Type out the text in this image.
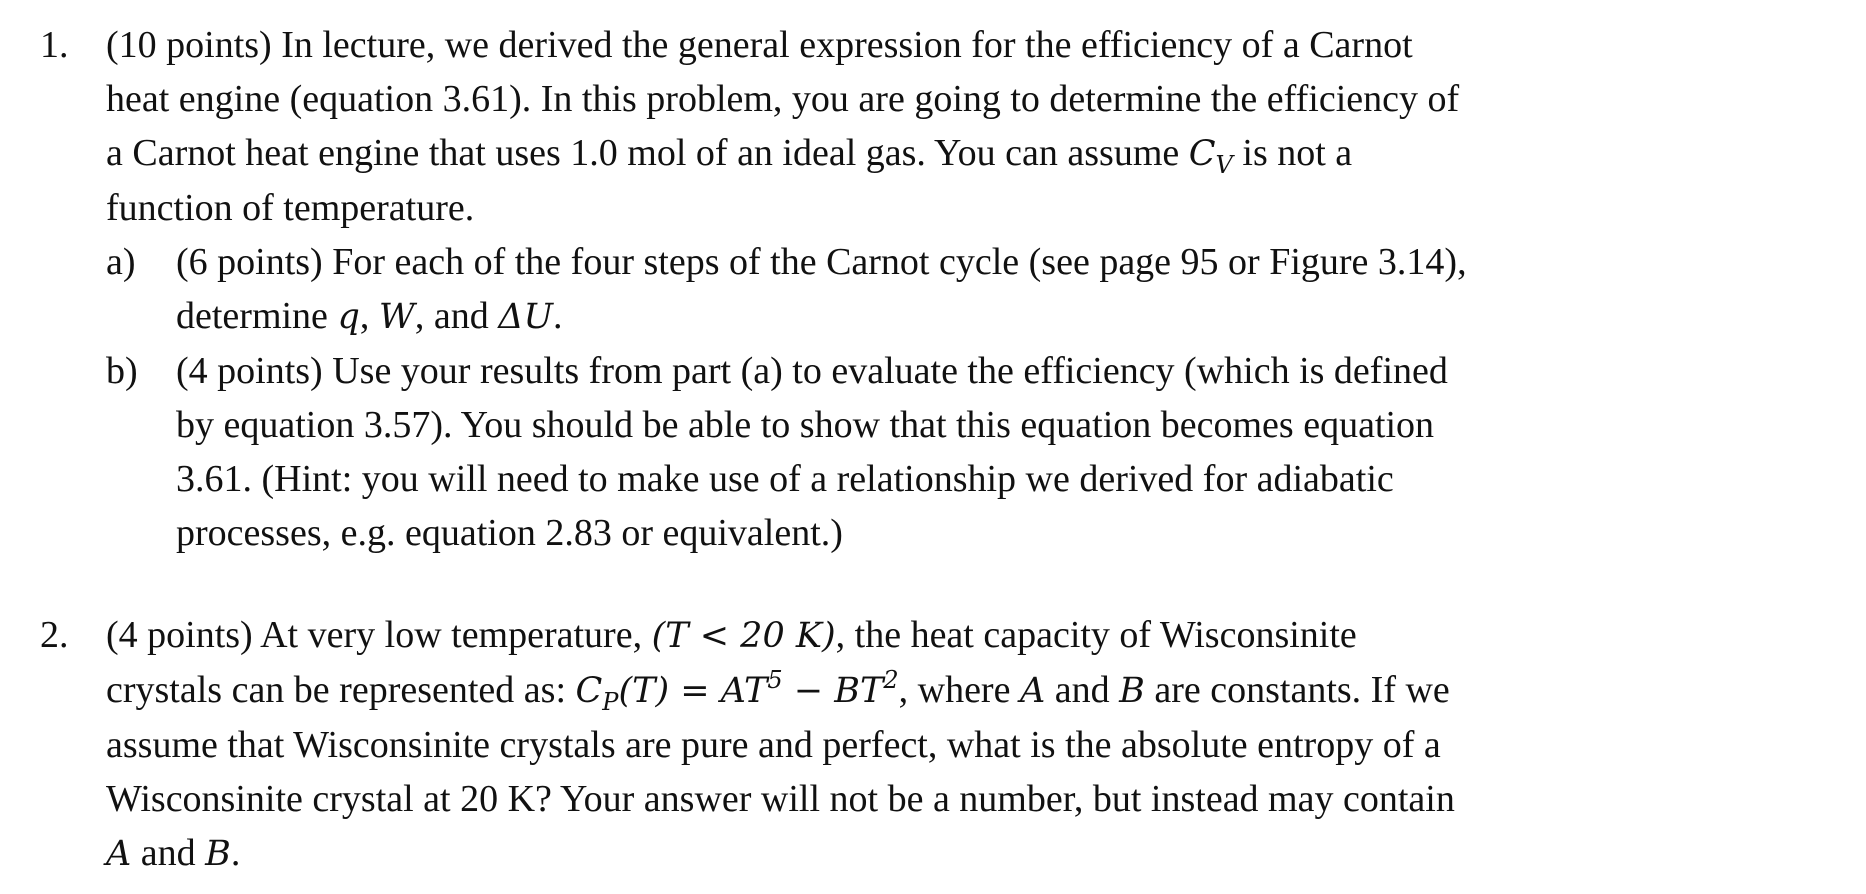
1. (10 points) In lecture, we derived the general expression for the efficiency of a Carnot
heat engine (equation 3.61). In this problem, you are going to determine the efficiency of
a Carnot heat engine that uses 1.0 mol of an ideal gas. You can assume $C_V$ is not a
function of temperature.
a)	(6 points) For each of the four steps of the Carnot cycle (see page 95 or Figure 3.14),
determine q, W, and ΔU.
b)	(4 points) Use your results from part (a) to evaluate the efficiency (which is defined
by equation 3.57). You should be able to show that this equation becomes equation
3.61. (Hint: you will need to make use of a relationship we derived for adiabatic
processes, e.g. equation 2.83 or equivalent.)
2. (4 points) At very low temperature, (T < 20 K), the heat capacity of Wisconsinite
crystals can be represented as: $C_P(T) = AT^5 - BT^2$, where A and B are constants. If we
assume that Wisconsinite crystals are pure and perfect, what is the absolute entropy of a
Wisconsinite crystal at 20 K? Your answer will not be a number, but instead may contain
A and B.
